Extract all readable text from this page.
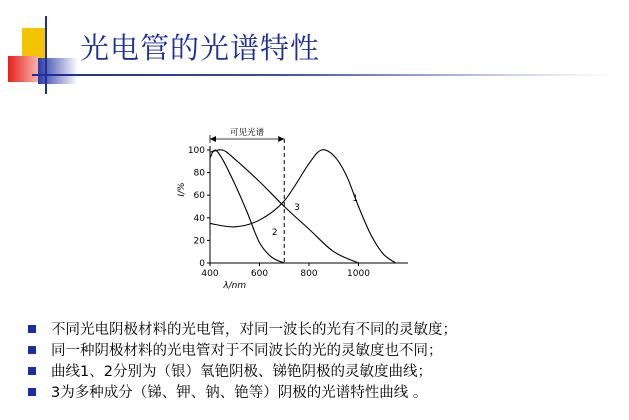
光电管的光谱特性
400	600	800	1000
0
20
40
60
80
100
λ/nm
I/%
可见光谱
1
2
3
不同光电阴极材料的光电管，对同一波长的光有不同的灵敏度；
同一种阴极材料的光电管对于不同波长的光的灵敏度也不同；
曲线1、2分别为（银）氧铯阴极、锑铯阴极的灵敏度曲线；
3为多种成分（锑、钾、钠、铯等）阴极的光谱特性曲线 。
